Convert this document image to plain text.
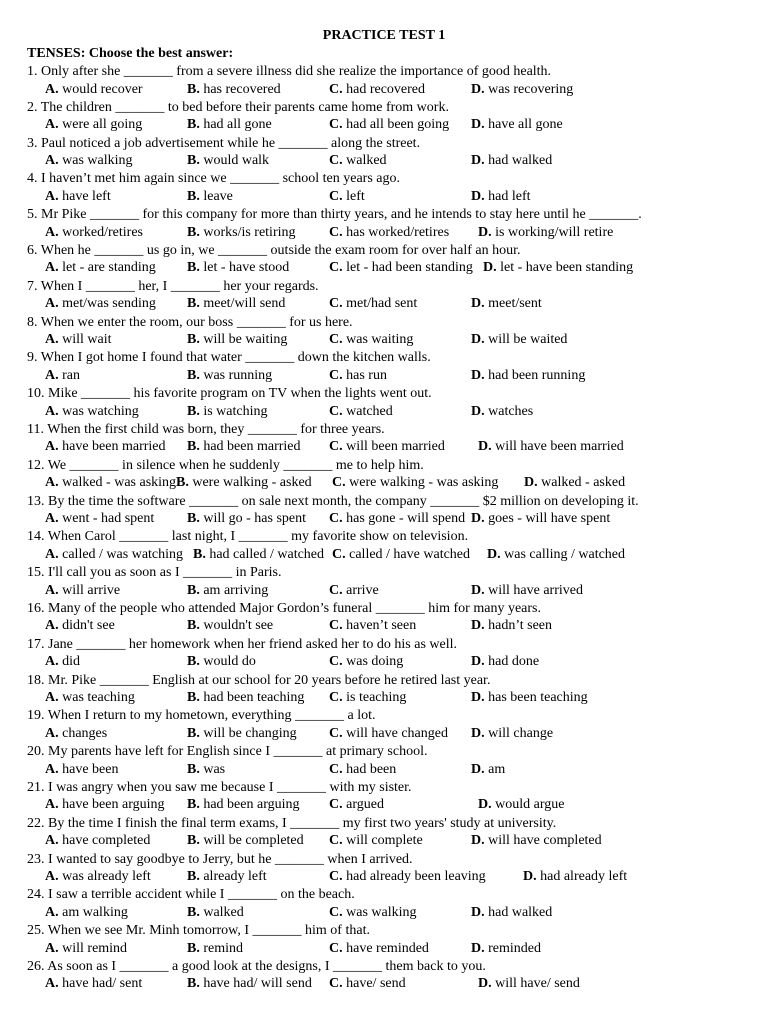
PRACTICE TEST 1
TENSES: Choose the best answer:
1. Only after she _______ from a severe illness did she realize the importance of good health.
A. would recover	B. has recovered	C. had recovered	D. was recovering
2. The children _______ to bed before their parents came home from work.
A. were all going	B. had all gone	C. had all been going D. have all gone
3. Paul noticed a job advertisement while he _______ along the street.
A. was walking	B. would walk	C. walked	D. had walked
4. I haven’t met him again since we _______ school ten years ago.
A. have left	B. leave	C. left	D. had left
5. Mr Pike _______ for this company for more than thirty years, and he intends to stay here until he _______.
A. worked/retires	B. works/is retiring C. has worked/retires D. is working/will retire
6. When he _______ us go in, we _______ outside the exam room for over half an hour.
A. let - are standing B. let - have stood	C. let - had been standing D. let - have been standing
7. When I _______ her, I _______ her your regards.
A. met/was sending B. meet/will send	C. met/had sent	D. meet/sent
8. When we enter the room, our boss _______ for us here.
A. will wait	B. will be waiting	C. was waiting	D. will be waited
9. When I got home I found that water _______ down the kitchen walls.
A. ran	B. was running	C. has run	D. had been running
10. Mike _______ his favorite program on TV when the lights went out.
A. was watching	B. is watching	C. watched	D. watches
11. When the first child was born, they _______ for three years.
A. have been married B. had been married C. will been married D. will have been married
12. We _______ in silence when he suddenly _______ me to help him.
A. walked - was asking B. were walking - asked C. were walking - was asking D. walked - asked
13. By the time the software _______ on sale next month, the company _______ $2 million on developing it.
A. went - had spent B. will go - has spent C. has gone - will spend D. goes - will have spent
14. When Carol _______ last night, I _______ my favorite show on television.
A. called / was watching B. had called / watched C. called / have watched D. was calling / watched
15. I'll call you as soon as I _______ in Paris.
A. will arrive	B. am arriving	C. arrive	D. will have arrived
16. Many of the people who attended Major Gordon’s funeral _______ him for many years.
A. didn't see	B. wouldn't see	C. haven’t seen	D. hadn’t seen
17. Jane _______ her homework when her friend asked her to do his as well.
A. did	B. would do	C. was doing	D. had done
18. Mr. Pike _______ English at our school for 20 years before he retired last year.
A. was teaching	B. had been teaching C. is teaching	D. has been teaching
19. When I return to my hometown, everything _______ a lot.
A. changes	B. will be changing C. will have changed D. will change
20. My parents have left for English since I _______ at primary school.
A. have been	B. was	C. had been	D. am
21. I was angry when you saw me because I _______ with my sister.
A. have been arguing B. had been arguing C. argued	D. would argue
22. By the time I finish the final term exams, I _______ my first two years' study at university.
A. have completed	B. will be completed C. will complete	D. will have completed
23. I wanted to say goodbye to Jerry, but he _______ when I arrived.
A. was already left	B. already left	C. had already been leaving	D. had already left
24. I saw a terrible accident while I _______ on the beach.
A. am walking	B. walked	C. was walking	D. had walked
25. When we see Mr. Minh tomorrow, I _______ him of that.
A. will remind	B. remind	C. have reminded	D. reminded
26. As soon as I _______ a good look at the designs, I _______ them back to you.
A. have had/ sent	B. have had/ will send C. have/ send	D. will have/ send
